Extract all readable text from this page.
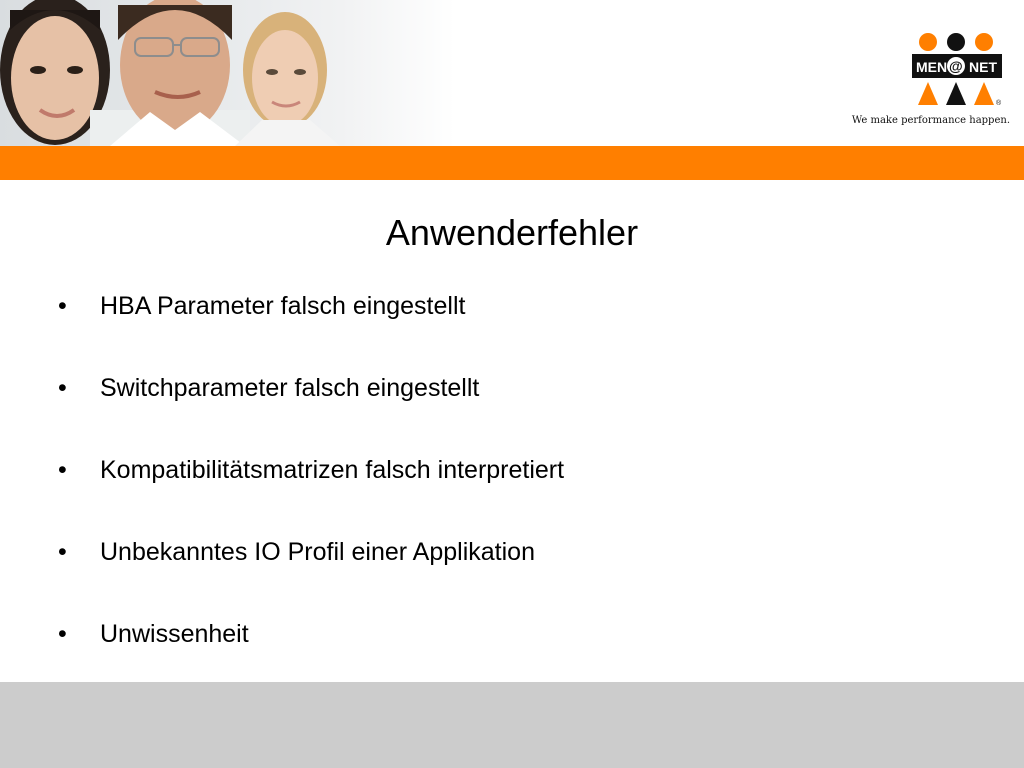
MEN @ NET
®
We make performance happen.
Anwenderfehler
•	HBA Parameter falsch eingestellt
•	Switchparameter falsch eingestellt
•	Kompatibilitätsmatrizen falsch interpretiert
•	Unbekanntes IO Profil einer Applikation
•	Unwissenheit
